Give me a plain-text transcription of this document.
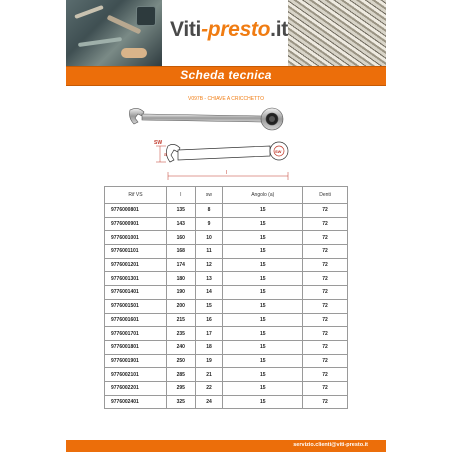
Viti-presto.it
Scheda tecnica
V097B - CHIAVE A CRICCHETTO
SW
a
l
SW
Rif VS	l	sw	Angolo (a)	Denti
9776000801	135	8	15	72
9776000901	143	9	15	72
9776001001	160	10	15	72
9776001101	168	11	15	72
9776001201	174	12	15	72
9776001301	180	13	15	72
9776001401	190	14	15	72
9776001501	200	15	15	72
9776001601	215	16	15	72
9776001701	235	17	15	72
9776001801	240	18	15	72
9776001901	250	19	15	72
9776002101	285	21	15	72
9776002201	295	22	15	72
9776002401	325	24	15	72
servizio.clienti@viti-presto.it
